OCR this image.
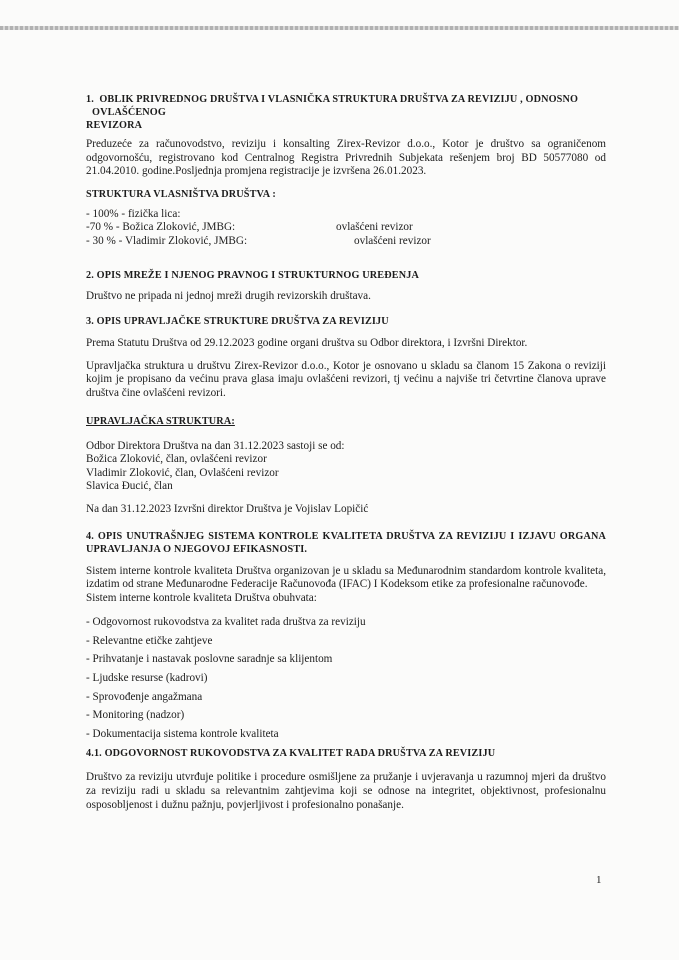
1. OBLIK PRIVREDNOG DRUŠTVA I VLASNIČKA STRUKTURA DRUŠTVA ZA REVIZIJU , ODNOSNO OVLAŠĆENOG
REVIZORA

Preduzeće za računovodstvo, reviziju i konsalting Zirex-Revizor d.o.o., Kotor je društvo sa ograničenom odgovornošću, registrovano kod Centralnog Registra Privrednih Subjekata rešenjem broj BD 50577080 od 21.04.2010. godine.Posljednja promjena registracije je izvršena 26.01.2023.

STRUKTURA VLASNIŠTVA DRUŠTVA :

- 100% - fizička lica:

-70 % - Božica Zloković, JMBG:	ovlašćeni revizor

- 30 % - Vladimir Zloković, JMBG:	ovlašćeni revizor

2. OPIS MREŽE I NJENOG PRAVNOG I STRUKTURNOG UREĐENJA

Društvo ne pripada ni jednoj mreži drugih revizorskih društava.

3. OPIS UPRAVLJAČKE STRUKTURE DRUŠTVA ZA REVIZIJU

Prema Statutu Društva od 29.12.2023 godine organi društva su Odbor direktora, i Izvršni Direktor.

Upravljačka struktura u društvu Zirex-Revizor d.o.o., Kotor je osnovano u skladu sa članom 15 Zakona o reviziji kojim je propisano da većinu prava glasa imaju ovlašćeni revizori, tj većinu a najviše tri četvrtine članova uprave društva čine ovlašćeni revizori.

UPRAVLJAČKA STRUKTURA:

Odbor Direktora Društva na dan 31.12.2023 sastoji se od:

Božica Zloković, član, ovlašćeni revizor

Vladimir Zloković, član, Ovlašćeni revizor

Slavica Đucić, član

Na dan 31.12.2023 Izvršni direktor Društva je Vojislav Lopičić

4. OPIS UNUTRAŠNJEG SISTEMA KONTROLE KVALITETA DRUŠTVA ZA REVIZIJU I IZJAVU ORGANA UPRAVLJANJA O NJEGOVOJ EFIKASNOSTI.

Sistem interne kontrole kvaliteta Društva organizovan je u skladu sa Međunarodnim standardom kontrole kvaliteta, izdatim od strane Međunarodne Federacije Računovođa (IFAC) I Kodeksom etike za profesionalne računovođe.

Sistem interne kontrole kvaliteta Društva obuhvata:

- Odgovornost rukovodstva za kvalitet rada društva za reviziju

- Relevantne etičke zahtjeve

- Prihvatanje i nastavak poslovne saradnje sa klijentom

- Ljudske resurse (kadrovi)

- Sprovođenje angažmana

- Monitoring (nadzor)

- Dokumentacija sistema kontrole kvaliteta

4.1. ODGOVORNOST RUKOVODSTVA ZA KVALITET RADA DRUŠTVA ZA REVIZIJU

Društvo za reviziju utvrđuje politike i procedure osmišljene za pružanje i uvjeravanja u razumnoj mjeri da društvo za reviziju radi u skladu sa relevantnim zahtjevima koji se odnose na integritet, objektivnost, profesionalnu osposobljenost i dužnu pažnju, povjerljivost i profesionalno ponašanje.

1
